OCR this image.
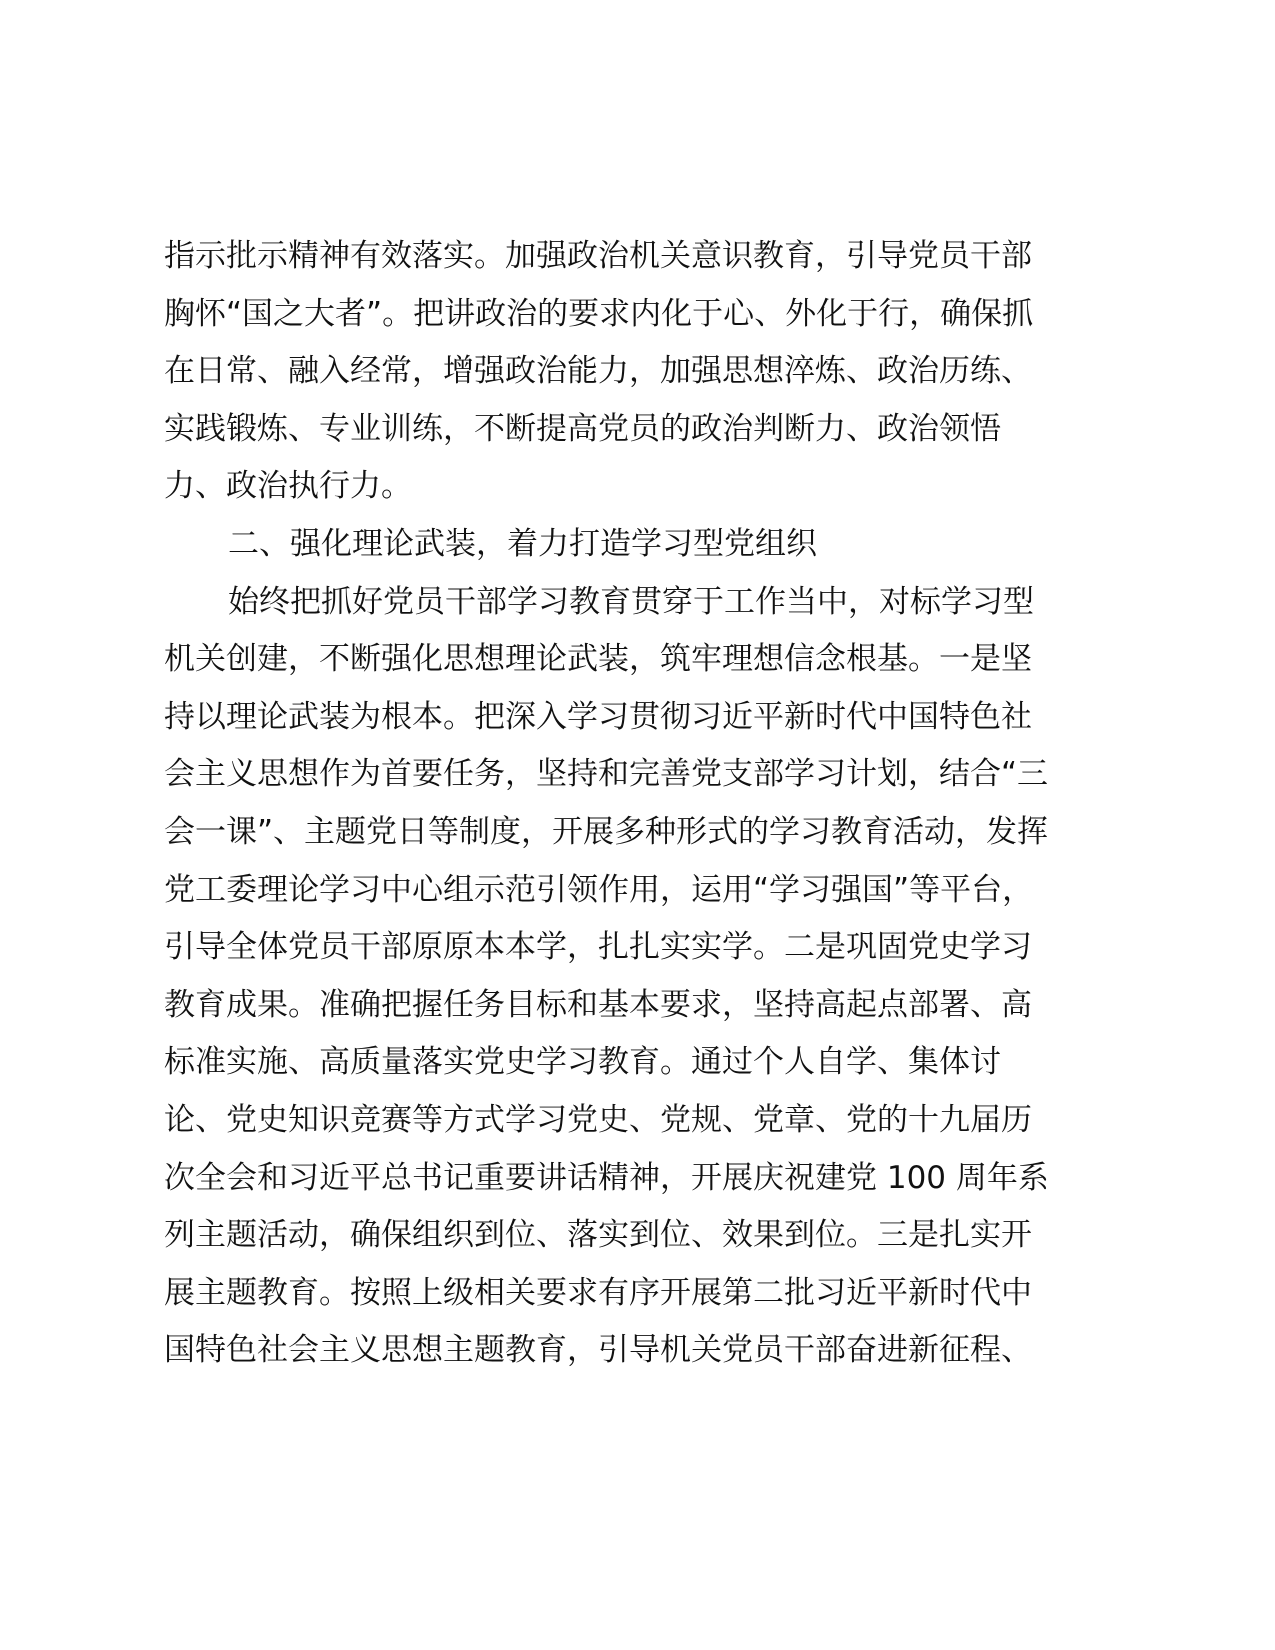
指示批示精神有效落实。加强政治机关意识教育，引导党员干部
胸怀“国之大者”。把讲政治的要求内化于心、外化于行，确保抓
在日常、融入经常，增强政治能力，加强思想淬炼、政治历练、
实践锻炼、专业训练，不断提高党员的政治判断力、政治领悟
力、政治执行力。
二、强化理论武装，着力打造学习型党组织
始终把抓好党员干部学习教育贯穿于工作当中，对标学习型
机关创建，不断强化思想理论武装，筑牢理想信念根基。一是坚
持以理论武装为根本。把深入学习贯彻习近平新时代中国特色社
会主义思想作为首要任务，坚持和完善党支部学习计划，结合“三
会一课”、主题党日等制度，开展多种形式的学习教育活动，发挥
党工委理论学习中心组示范引领作用，运用“学习强国”等平台，
引导全体党员干部原原本本学，扎扎实实学。二是巩固党史学习
教育成果。准确把握任务目标和基本要求，坚持高起点部署、高
标准实施、高质量落实党史学习教育。通过个人自学、集体讨
论、党史知识竞赛等方式学习党史、党规、党章、党的十九届历
次全会和习近平总书记重要讲话精神，开展庆祝建党 100 周年系
列主题活动，确保组织到位、落实到位、效果到位。三是扎实开
展主题教育。按照上级相关要求有序开展第二批习近平新时代中
国特色社会主义思想主题教育，引导机关党员干部奋进新征程、
